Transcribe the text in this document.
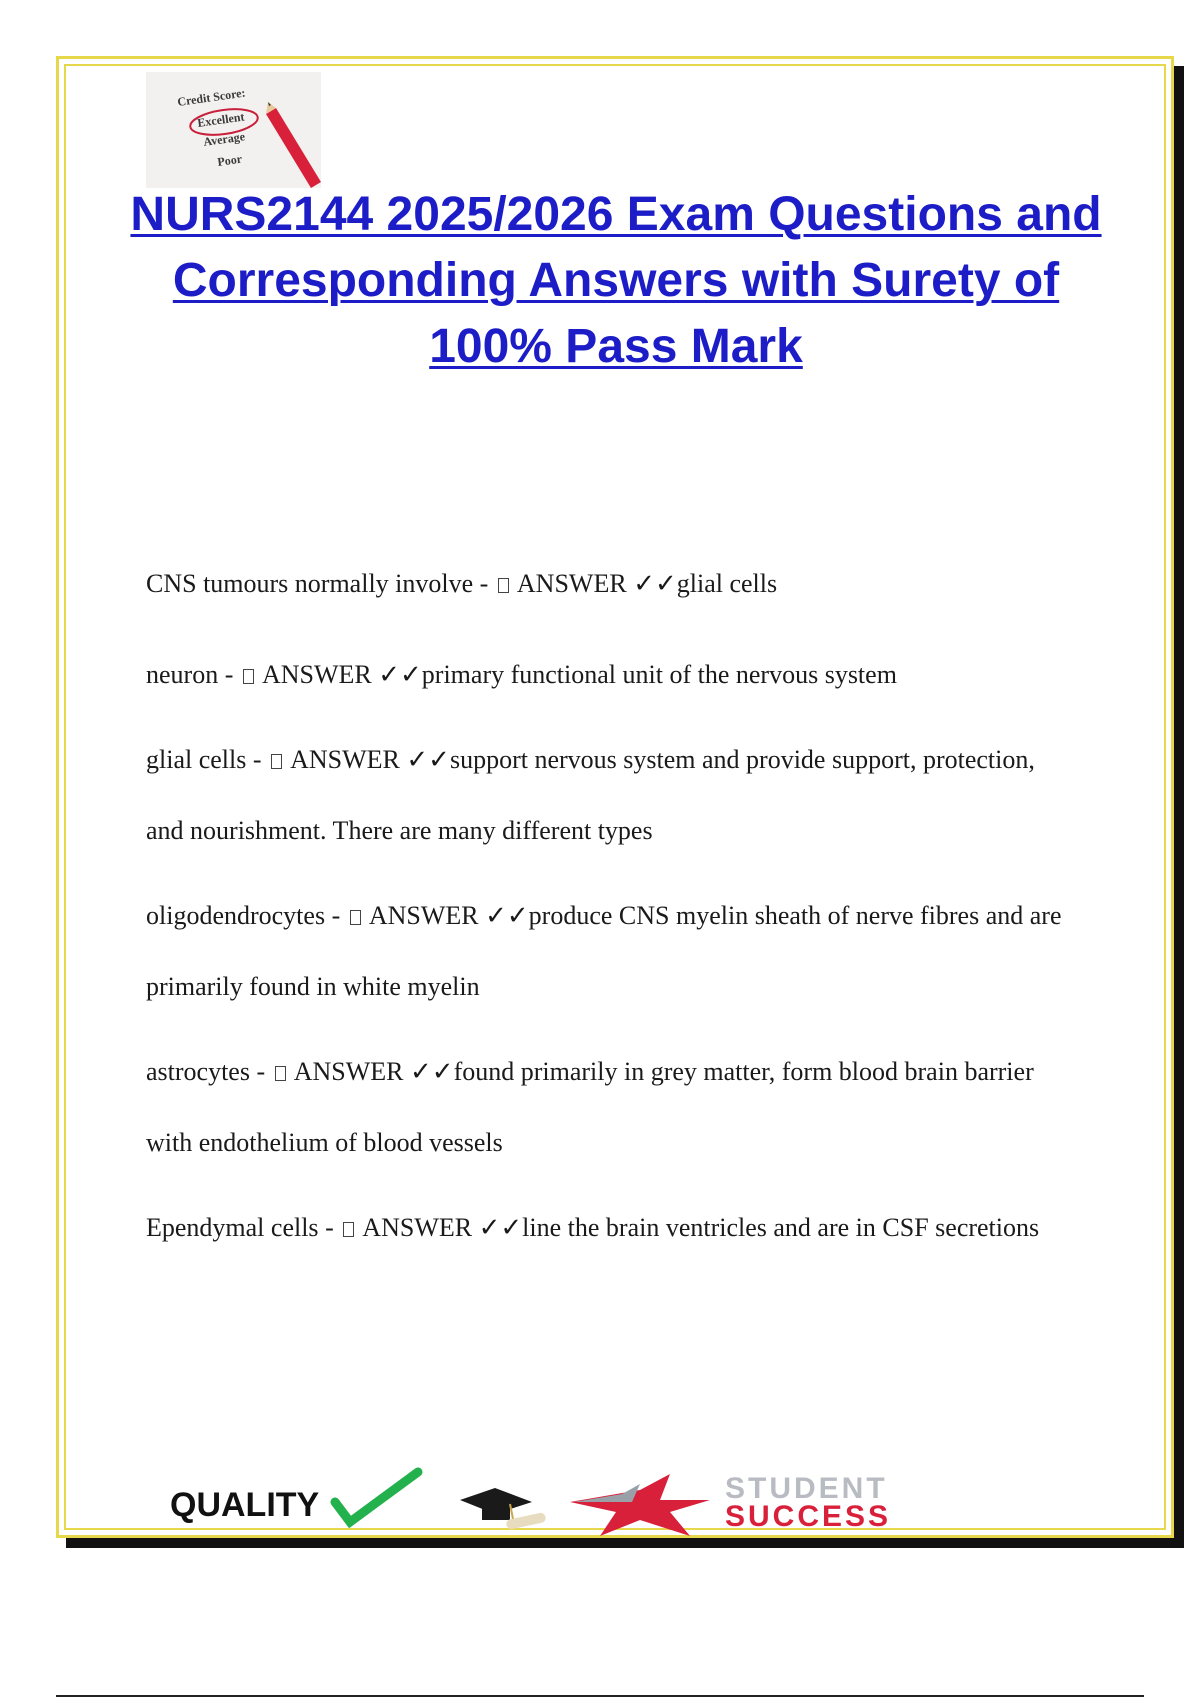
Credit Score:
Excellent
Average
Poor
NURS2144 2025/2026 Exam Questions and Corresponding Answers with Surety of 100% Pass Mark

CNS tumours normally involve -  ANSWER ✓✓glial cells

neuron -  ANSWER ✓✓primary functional unit of the nervous system

glial cells -  ANSWER ✓✓support nervous system and provide support, protection, and nourishment. There are many different types

oligodendrocytes -  ANSWER ✓✓produce CNS myelin sheath of nerve fibres and are primarily found in white myelin

astrocytes -  ANSWER ✓✓found primarily in grey matter, form blood brain barrier with endothelium of blood vessels

Ependymal cells -  ANSWER ✓✓line the brain ventricles and are in CSF secretions

QUALITY	STUDENT
SUCCESS
